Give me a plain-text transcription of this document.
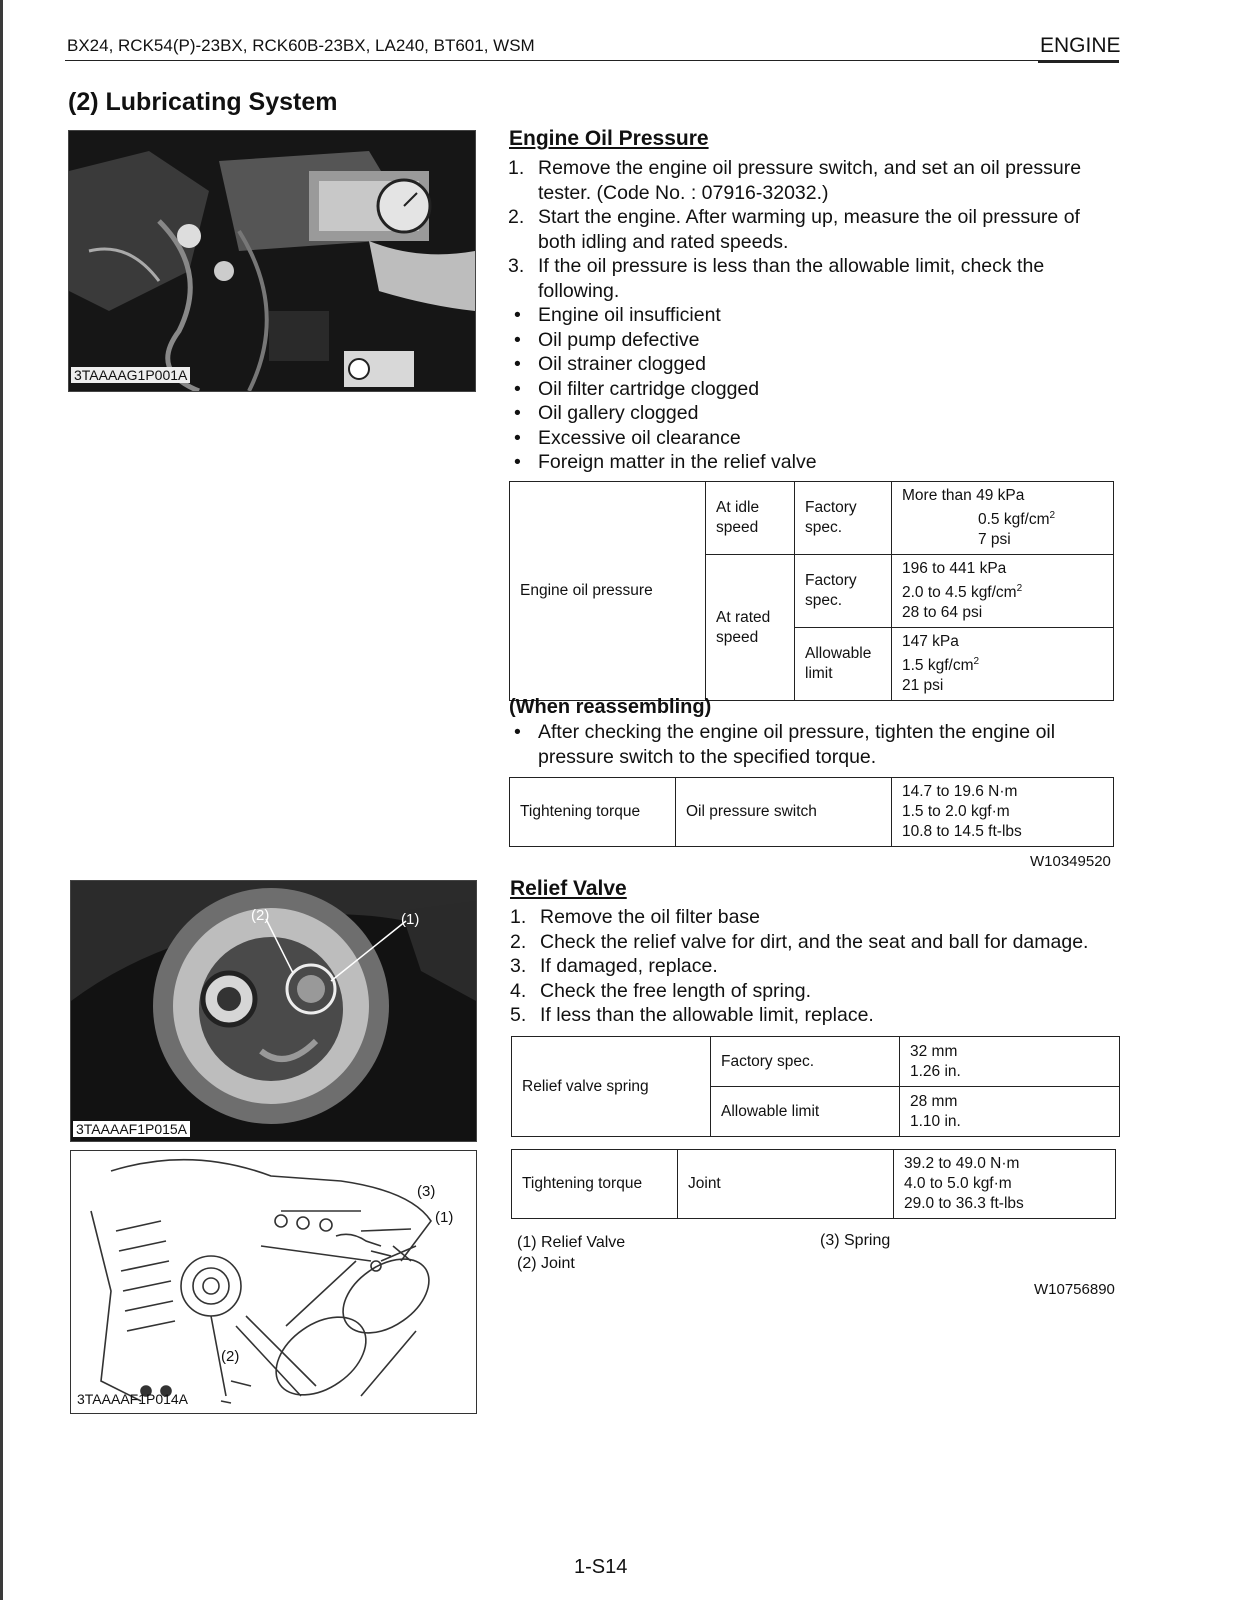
BX24, RCK54(P)-23BX, RCK60B-23BX, LA240, BT601, WSM	ENGINE
(2) Lubricating System
3TAAAAG1P001A
Engine Oil Pressure
1. Remove the engine oil pressure switch, and set an oil pressure tester. (Code No. : 07916-32032.)
2. Start the engine. After warming up, measure the oil pressure of both idling and rated speeds.
3. If the oil pressure is less than the allowable limit, check the following.
• Engine oil insufficient
• Oil pump defective
• Oil strainer clogged
• Oil filter cartridge clogged
• Oil gallery clogged
• Excessive oil clearance
• Foreign matter in the relief valve
Engine oil pressure	At idle speed	Factory spec.	More than 49 kPa
0.5 kgf/$cm^2$
7 psi

	At rated speed	Factory spec.	196 to 441 kPa
2.0 to 4.5 kgf/$cm^2$
28 to 64 psi

		Allowable limit	147 kPa
1.5 kgf/$cm^2$
21 psi
(When reassembling)
• After checking the engine oil pressure, tighten the engine oil pressure switch to the specified torque.
Tightening torque	Oil pressure switch	
14.7 to 19.6 N·m
1.5 to 2.0 kgf·m
10.8 to 14.5 ft-lbs
W10349520
(2)	(1)
3TAAAAF1P015A
(3)
(1)
(2)
3TAAAAF1P014A
Relief Valve
1. Remove the oil filter base
2. Check the relief valve for dirt, and the seat and ball for damage.
3. If damaged, replace.
4. Check the free length of spring.
5. If less than the allowable limit, replace.
Relief valve spring	Factory spec.	32 mm
1.26 in.

	Allowable limit	28 mm
1.10 in.
Tightening torque	Joint	
39.2 to 49.0 N·m
4.0 to 5.0 kgf·m
29.0 to 36.3 ft-lbs
(1) Relief Valve
(2) Joint
(3) Spring
W10756890
1-S14
